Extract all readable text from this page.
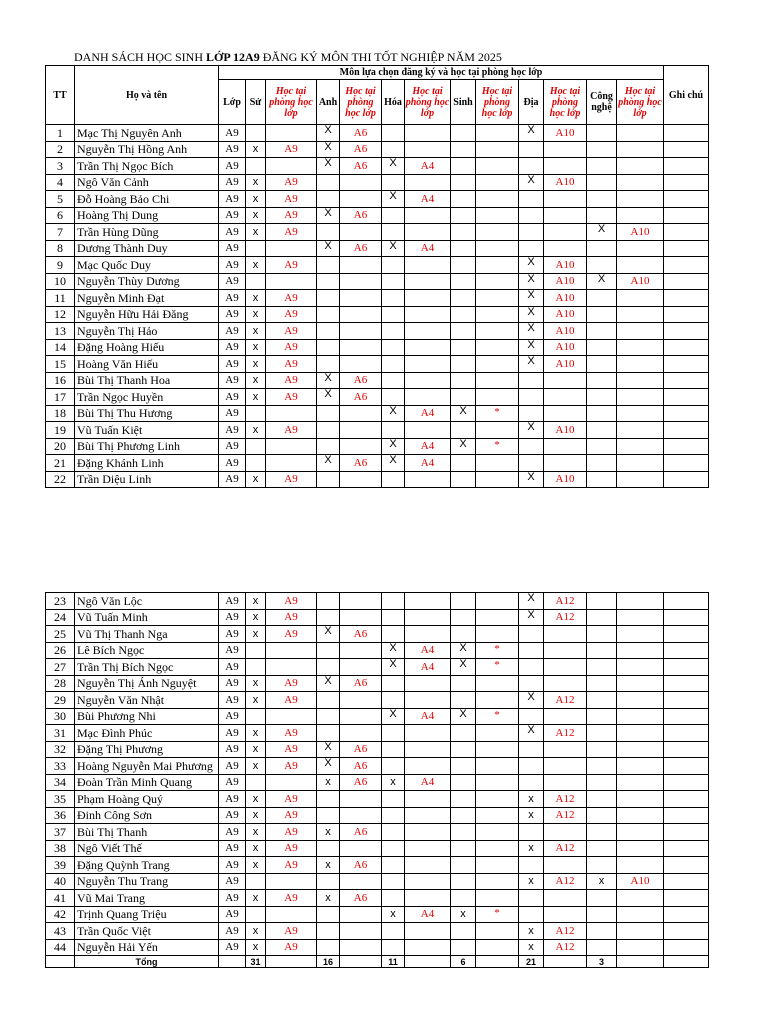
DANH SÁCH HỌC SINH LỚP 12A9 ĐĂNG KÝ MÔN THI TỐT NGHIỆP NĂM 2025
TT	Họ và tên	Môn lựa chọn đăng ký và học tại phòng học lớp													Ghi chú
		Lớp	Sử	Học tại phòng học lớp	Anh	Học tại phòng học lớp	Hóa	Học tại phòng học lớp	Sinh	Học tại phòng học lớp	Địa	Học tại phòng học lớp	Công nghệ	Học tại phòng học lớp	
1	Mạc Thị Nguyên Anh	A9			X	A6					X	A10			
2	Nguyễn Thị Hồng Anh	A9	x	A9	X	A6									
3	Trần Thị Ngọc Bích	A9			X	A6	X	A4							
4	Ngô Văn Cảnh	A9	x	A9							X	A10			
5	Đỗ Hoàng Bảo Chi	A9	x	A9			X	A4							
6	Hoàng Thị Dung	A9	x	A9	X	A6									
7	Trần Hùng Dũng	A9	x	A9									X	A10	
8	Dương Thành Duy	A9			X	A6	X	A4							
9	Mạc Quốc Duy	A9	x	A9							X	A10			
10	Nguyễn Thùy Dương	A9									X	A10	X	A10	
11	Nguyễn Minh Đạt	A9	x	A9							X	A10			
12	Nguyễn Hữu Hải Đăng	A9	x	A9							X	A10			
13	Nguyễn Thị Hảo	A9	x	A9							X	A10			
14	Đặng Hoàng Hiếu	A9	x	A9							X	A10			
15	Hoàng Văn Hiếu	A9	x	A9							X	A10			
16	Bùi Thị Thanh Hoa	A9	x	A9	X	A6									
17	Trần Ngọc Huyền	A9	x	A9	X	A6									
18	Bùi Thị Thu Hương	A9					X	A4	X	*					
19	Vũ Tuấn Kiệt	A9	x	A9							X	A10			
20	Bùi Thị Phương Linh	A9					X	A4	X	*					
21	Đặng Khánh Linh	A9			X	A6	X	A4							
22	Trần Diệu Linh	A9	x	A9							X	A10			
23	Ngô Văn Lộc	A9	x	A9							X	A12			
24	Vũ Tuấn Minh	A9	x	A9							X	A12			
25	Vũ Thị Thanh Nga	A9	x	A9	X	A6									
26	Lê Bích Ngọc	A9					X	A4	X	*					
27	Trần Thị Bích Ngọc	A9					X	A4	X	*					
28	Nguyễn Thị Ánh Nguyệt	A9	x	A9	X	A6									
29	Nguyễn Văn Nhật	A9	x	A9							X	A12			
30	Bùi Phương Nhi	A9					X	A4	X	*					
31	Mạc Đình Phúc	A9	x	A9							X	A12			
32	Đặng Thị Phương	A9	x	A9	X	A6									
33	Hoàng Nguyễn Mai Phương	A9	x	A9	X	A6									
34	Đoàn Trần Minh Quang	A9			x	A6	x	A4							
35	Phạm Hoàng Quý	A9	x	A9							x	A12			
36	Đinh Công Sơn	A9	x	A9							x	A12			
37	Bùi Thị Thanh	A9	x	A9	x	A6									
38	Ngô Viết Thế	A9	x	A9							x	A12			
39	Đặng Quỳnh Trang	A9	x	A9	x	A6									
40	Nguyễn Thu Trang	A9									x	A12	x	A10	
41	Vũ Mai Trang	A9	x	A9	x	A6									
42	Trịnh Quang Triệu	A9					x	A4	x	*					
43	Trần Quốc Việt	A9	x	A9							x	A12			
44	Nguyễn Hải Yến	A9	x	A9							x	A12			
	Tổng		31		16		11		6		21		3		
